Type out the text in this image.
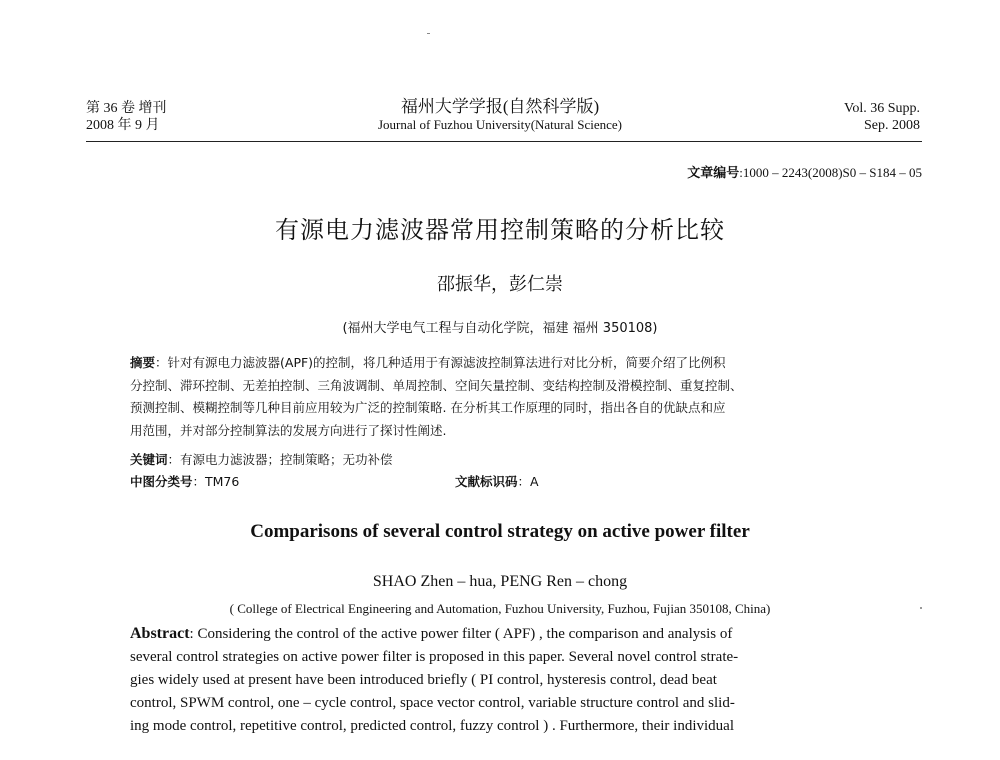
第 36 卷 增刊
2008 年 9 月
福州大学学报(自然科学版)
Journal of Fuzhou University(Natural Science)
Vol. 36 Supp.
Sep. 2008
文章编号:1000 – 2243(2008)S0 – S184 – 05
有源电力滤波器常用控制策略的分析比较
邵振华，彭仁崇
(福州大学电气工程与自动化学院，福建 福州 350108)
摘要：针对有源电力滤波器(APF)的控制，将几种适用于有源滤波控制算法进行对比分析，简要介绍了比例积
分控制、滞环控制、无差拍控制、三角波调制、单周控制、空间矢量控制、变结构控制及滑模控制、重复控制、
预测控制、模糊控制等几种目前应用较为广泛的控制策略. 在分析其工作原理的同时，指出各自的优缺点和应
用范围，并对部分控制算法的发展方向进行了探讨性阐述.
关键词：有源电力滤波器；控制策略；无功补偿
中图分类号：TM76	文献标识码：A
Comparisons of several control strategy on active power filter
SHAO Zhen – hua, PENG Ren – chong
( College of Electrical Engineering and Automation, Fuzhou University, Fuzhou, Fujian 350108, China)
Abstract: Considering the control of the active power filter ( APF) , the comparison and analysis of
several control strategies on active power filter is proposed in this paper. Several novel control strate-
gies widely used at present have been introduced briefly ( PI control, hysteresis control, dead beat
control, SPWM control, one – cycle control, space vector control, variable structure control and slid-
ing mode control, repetitive control, predicted control, fuzzy control ) . Furthermore, their individual
